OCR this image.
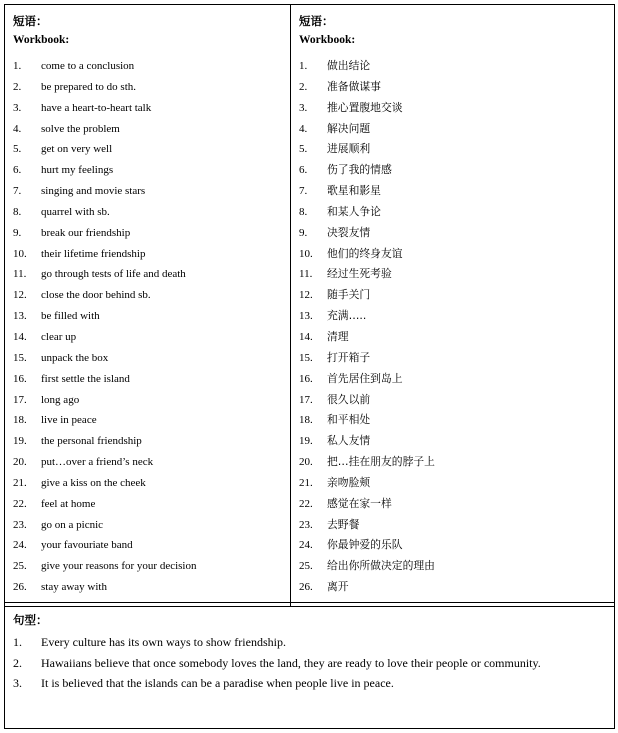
短语：
Workbook:
1. come to a conclusion
2. be prepared to do sth.
3. have a heart-to-heart talk
4. solve the problem
5. get on very well
6. hurt my feelings
7. singing and movie stars
8. quarrel with sb.
9. break our friendship
10. their lifetime friendship
11. go through tests of life and death
12. close the door behind sb.
13. be filled with
14. clear up
15. unpack the box
16. first settle the island
17. long ago
18. live in peace
19. the personal friendship
20. put…over a friend’s neck
21. give a kiss on the cheek
22. feel at home
23. go on a picnic
24. your favouriate band
25. give your reasons for your decision
26. stay away with
短语：
Workbook:
1. 做出结论
2. 准备做谋事
3. 推心置腹地交谈
4. 解决问题
5. 进展顺利
6. 伤了我的情感
7. 歌星和影星
8. 和某人争论
9. 决裂友情
10. 他们的终身友谊
11. 经过生死考验
12. 随手关门
13. 充满…..
14. 清理
15. 打开箱子
16. 首先居住到岛上
17. 很久以前
18. 和平相处
19. 私人友情
20. 把…挂在朋友的脖子上
21. 亲吻脸颊
22. 感觉在家一样
23. 去野餐
24. 你最钟爱的乐队
25. 给出你所做决定的理由
26. 离开
句型：
1.	Every culture has its own ways to show friendship.
2.	Hawaiians believe that once somebody loves the land, they are ready to love their people or community.
3.	It is believed that the islands can be a paradise when people live in peace.
